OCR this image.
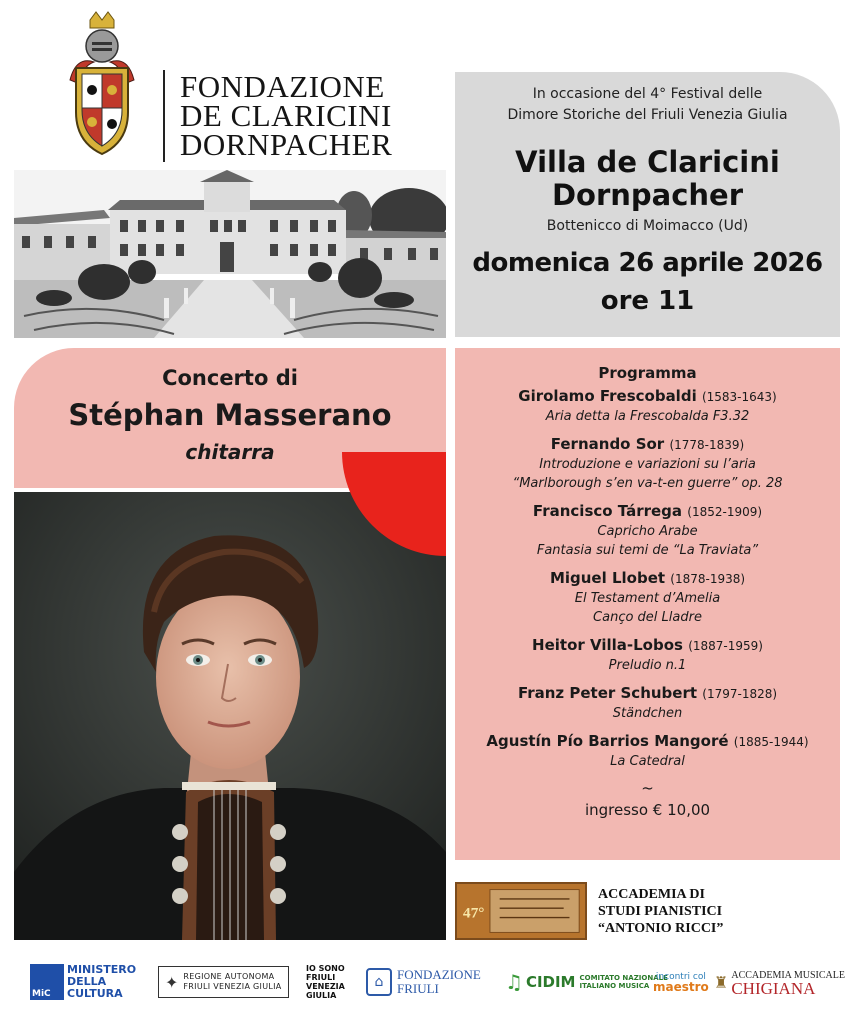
FONDAZIONE
DE CLARICINI
DORNPACHER
In occasione del 4° Festival delle
Dimore Storiche del Friuli Venezia Giulia
Villa de Claricini
Dornpacher
Bottenicco di Moimacco (Ud)
domenica 26 aprile 2026
ore 11
Concerto di
Stéphan Masserano
chitarra
Programma
Girolamo Frescobaldi (1583-1643)
Aria detta la Frescobalda F3.32
Fernando Sor (1778-1839)
Introduzione e variazioni su l’aria
“Marlborough s’en va-t-en guerre” op. 28
Francisco Tárrega (1852-1909)
Capricho Arabe
Fantasia sui temi de “La Traviata”
Miguel Llobet (1878-1938)
El Testament d’Amelia
Canço del Lladre
Heitor Villa-Lobos (1887-1959)
Preludio n.1
Franz Peter Schubert (1797-1828)
Ständchen
Agustín Pío Barrios Mangoré (1885-1944)
La Catedral
~
ingresso € 10,00
47°
ACCADEMIA DI
STUDI PIANISTICI
“ANTONIO RICCI”
MiC
MINISTERO
DELLA
CULTURA
✦ REGIONE AUTONOMA
FRIULI VENEZIA GIULIA
IO SONO
FRIULI
VENEZIA
GIULIA
⌂	FONDAZIONE
FRIULI	♫ CIDIM COMITATO NAZIONALE
ITALIANO MUSICA
incontri col
maestro ♜ ACCADEMIA MUSICALE
CHIGIANA
